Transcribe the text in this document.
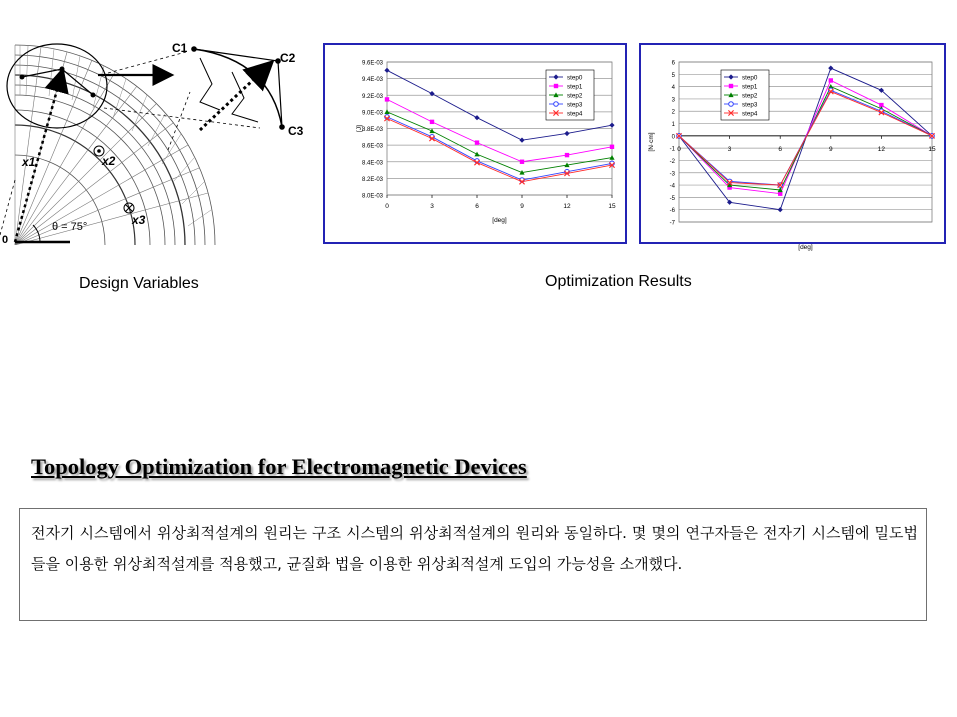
0
θ = 75°
x1	x2
x3
C1
C2
C3
9.6E-03
9.4E-03
9.2E-03
9.0E-03
8.8E-03
8.6E-03
8.4E-03
8.2E-03
8.0E-03
0	3	6	9	12	15
[deg]
[J]
step0
step1
step2
step3
step4
6
5
4
3
2
1
0
-1
-2
-3
-4
-5
-6
-7
0	3	6	9	12	15
[deg]
[N·cm]
step0
step1
step2
step3
step4
Design Variables	Optimization Results
Topology Optimization for Electromagnetic Devices
전자기 시스템에서 위상최적설계의 원리는 구조 시스템의 위상최적설계의 원리와 동일하다. 몇 몇의 연구자들은 전자기 시스템에 밀도법들을 이용한 위상최적설계를 적용했고, 균질화 법을 이용한 위상최적설계 도입의 가능성을 소개했다.
